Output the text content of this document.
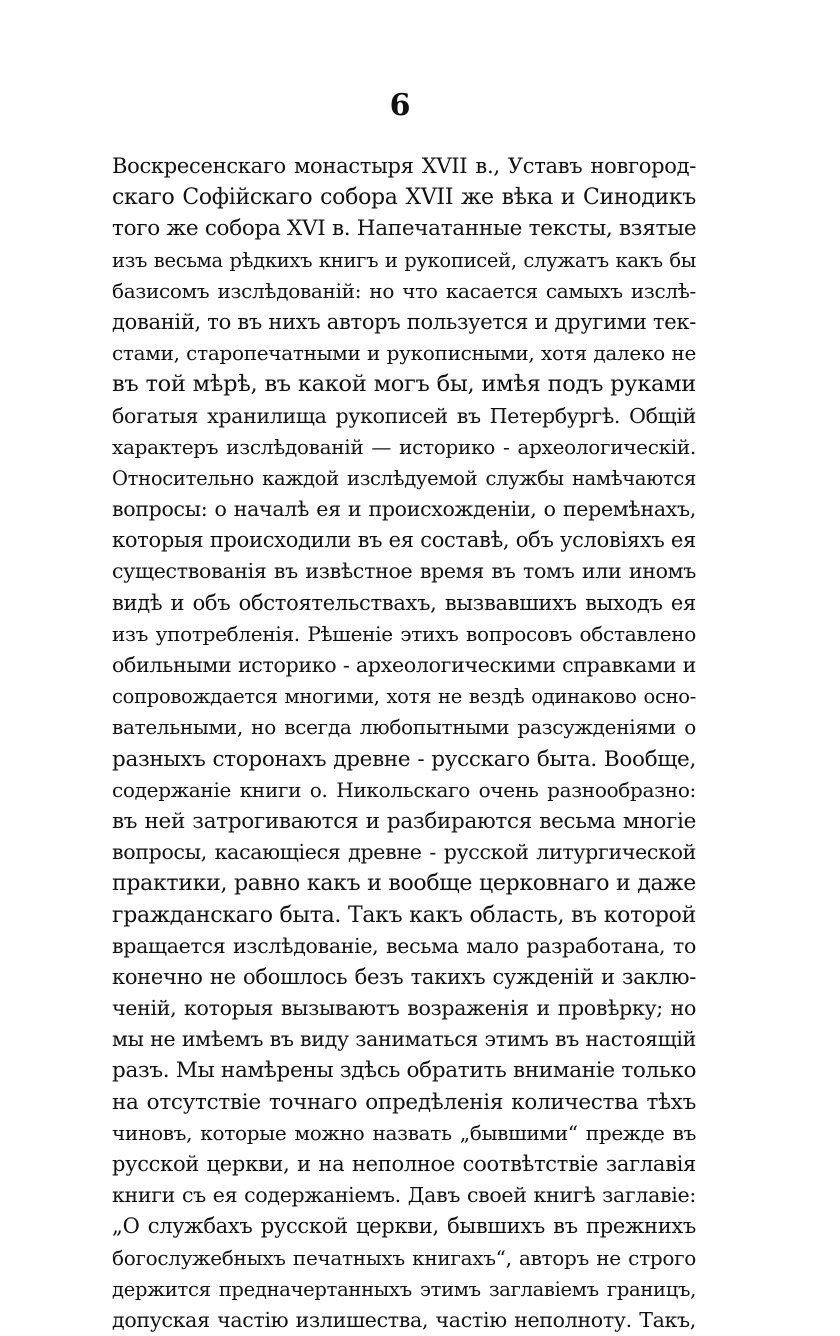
6
Воскресенскаго монастыря XVII в., Уставъ новгород-
скаго Софійскаго собора XVII же вѣка и Синодикъ
того же собора XVI в. Напечатанные тексты, взятые
изъ весьма рѣдкихъ книгъ и рукописей, служатъ какъ бы
базисомъ изслѣдованій: но что касается самыхъ изслѣ-
дованій, то въ нихъ авторъ пользуется и другими тек-
стами, старопечатными и рукописными, хотя далеко не
въ той мѣрѣ, въ какой могъ бы, имѣя подъ руками
богатыя хранилища рукописей въ Петербургѣ. Общій
характеръ изслѣдованій — историко - археологическій.
Относительно каждой изслѣдуемой службы намѣчаются
вопросы: о началѣ ея и происхожденіи, о перемѣнахъ,
которыя происходили въ ея составѣ, объ условіяхъ ея
существованія въ извѣстное время въ томъ или иномъ
видѣ и объ обстоятельствахъ, вызвавшихъ выходъ ея
изъ употребленія. Рѣшеніе этихъ вопросовъ обставлено
обильными историко - археологическими справками и
сопровождается многими, хотя не вездѣ одинаково осно-
вательными, но всегда любопытными разсужденіями о
разныхъ сторонахъ древне - русскаго быта. Вообще,
содержаніе книги о. Никольскаго очень разнообразно:
въ ней затрогиваются и разбираются весьма многіе
вопросы, касающіеся древне - русской литургической
практики, равно какъ и вообще церковнаго и даже
гражданскаго быта. Такъ какъ область, въ которой
вращается изслѣдованіе, весьма мало разработана, то
конечно не обошлось безъ такихъ сужденій и заклю-
ченій, которыя вызываютъ возраженія и провѣрку; но
мы не имѣемъ въ виду заниматься этимъ въ настоящій
разъ. Мы намѣрены здѣсь обратить вниманіе только
на отсутствіе точнаго опредѣленія количества тѣхъ
чиновъ, которые можно назвать „бывшими“ прежде въ
русской церкви, и на неполное соотвѣтствіе заглавія
книги съ ея содержаніемъ. Давъ своей книгѣ заглавіе:
„О службахъ русской церкви, бывшихъ въ прежнихъ
богослужебныхъ печатныхъ книгахъ“, авторъ не строго
держится предначертанныхъ этимъ заглавіемъ границъ,
допуская частію излишества, частію неполноту. Такъ,
